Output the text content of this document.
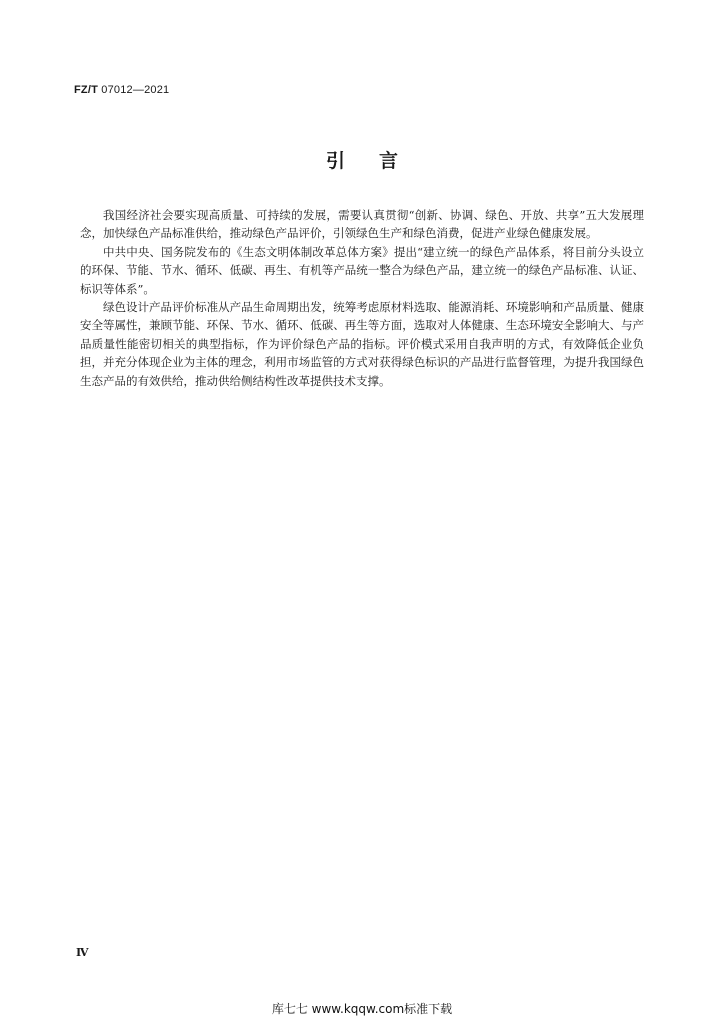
FZ/T 07012—2021
引言

我国经济社会要实现高质量、可持续的发展，需要认真贯彻“创新、协调、绿色、开放、共享”五大发展理念，加快绿色产品标准供给，推动绿色产品评价，引领绿色生产和绿色消费，促进产业绿色健康发展。

中共中央、国务院发布的《生态文明体制改革总体方案》提出“建立统一的绿色产品体系，将目前分头设立的环保、节能、节水、循环、低碳、再生、有机等产品统一整合为绿色产品，建立统一的绿色产品标准、认证、标识等体系”。

绿色设计产品评价标准从产品生命周期出发，统筹考虑原材料选取、能源消耗、环境影响和产品质量、健康安全等属性，兼顾节能、环保、节水、循环、低碳、再生等方面，选取对人体健康、生态环境安全影响大、与产品质量性能密切相关的典型指标，作为评价绿色产品的指标。评价模式采用自我声明的方式，有效降低企业负担，并充分体现企业为主体的理念，利用市场监管的方式对获得绿色标识的产品进行监督管理，为提升我国绿色生态产品的有效供给，推动供给侧结构性改革提供技术支撑。

Ⅳ
库七七 www.kqqw.com标准下载
